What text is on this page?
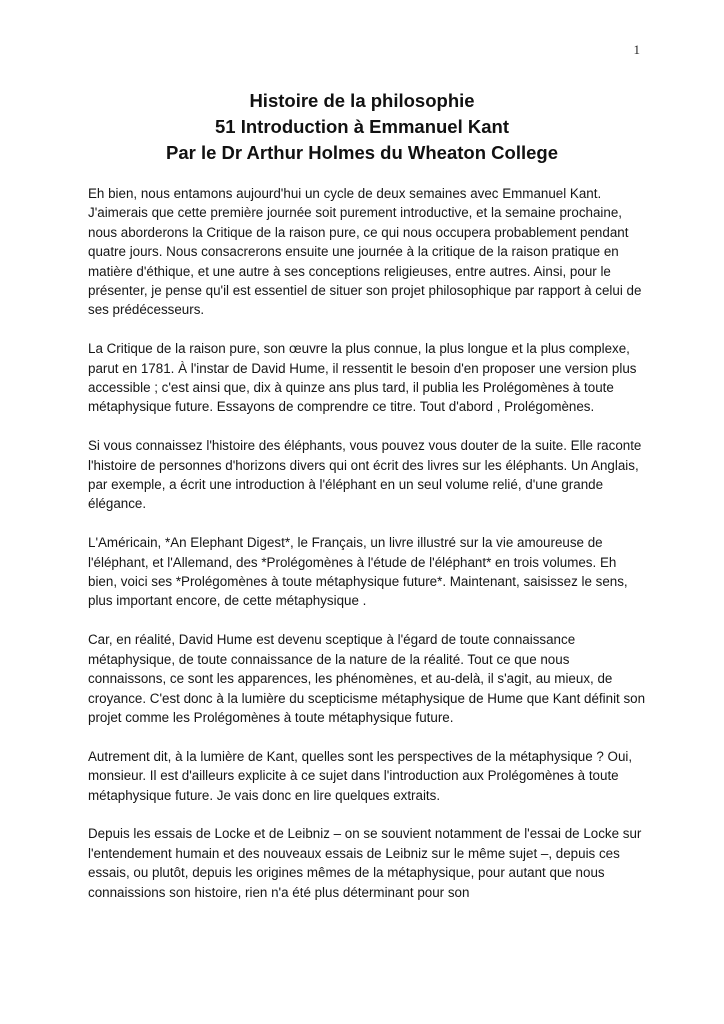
1

Histoire de la philosophie

51 Introduction à Emmanuel Kant

Par le Dr Arthur Holmes du Wheaton College

Eh bien, nous entamons aujourd'hui un cycle de deux semaines avec Emmanuel Kant. J'aimerais que cette première journée soit purement introductive, et la semaine prochaine, nous aborderons la Critique de la raison pure, ce qui nous occupera probablement pendant quatre jours. Nous consacrerons ensuite une journée à la critique de la raison pratique en matière d'éthique, et une autre à ses conceptions religieuses, entre autres. Ainsi, pour le présenter, je pense qu'il est essentiel de situer son projet philosophique par rapport à celui de ses prédécesseurs.

La Critique de la raison pure, son œuvre la plus connue, la plus longue et la plus complexe, parut en 1781. À l'instar de David Hume, il ressentit le besoin d'en proposer une version plus accessible ; c'est ainsi que, dix à quinze ans plus tard, il publia les Prolégomènes à toute métaphysique future. Essayons de comprendre ce titre. Tout d'abord , Prolégomènes.

Si vous connaissez l'histoire des éléphants, vous pouvez vous douter de la suite. Elle raconte l'histoire de personnes d'horizons divers qui ont écrit des livres sur les éléphants. Un Anglais, par exemple, a écrit une introduction à l'éléphant en un seul volume relié, d'une grande élégance.

L'Américain, *An Elephant Digest*, le Français, un livre illustré sur la vie amoureuse de l'éléphant, et l'Allemand, des *Prolégomènes à l'étude de l'éléphant* en trois volumes. Eh bien, voici ses *Prolégomènes à toute métaphysique future*. Maintenant, saisissez le sens, plus important encore, de cette métaphysique .

Car, en réalité, David Hume est devenu sceptique à l'égard de toute connaissance métaphysique, de toute connaissance de la nature de la réalité. Tout ce que nous connaissons, ce sont les apparences, les phénomènes, et au-delà, il s'agit, au mieux, de croyance. C'est donc à la lumière du scepticisme métaphysique de Hume que Kant définit son projet comme les Prolégomènes à toute métaphysique future.

Autrement dit, à la lumière de Kant, quelles sont les perspectives de la métaphysique ? Oui, monsieur. Il est d'ailleurs explicite à ce sujet dans l'introduction aux Prolégomènes à toute métaphysique future. Je vais donc en lire quelques extraits.

Depuis les essais de Locke et de Leibniz – on se souvient notamment de l'essai de Locke sur l'entendement humain et des nouveaux essais de Leibniz sur le même sujet –, depuis ces essais, ou plutôt, depuis les origines mêmes de la métaphysique, pour autant que nous connaissions son histoire, rien n'a été plus déterminant pour son
